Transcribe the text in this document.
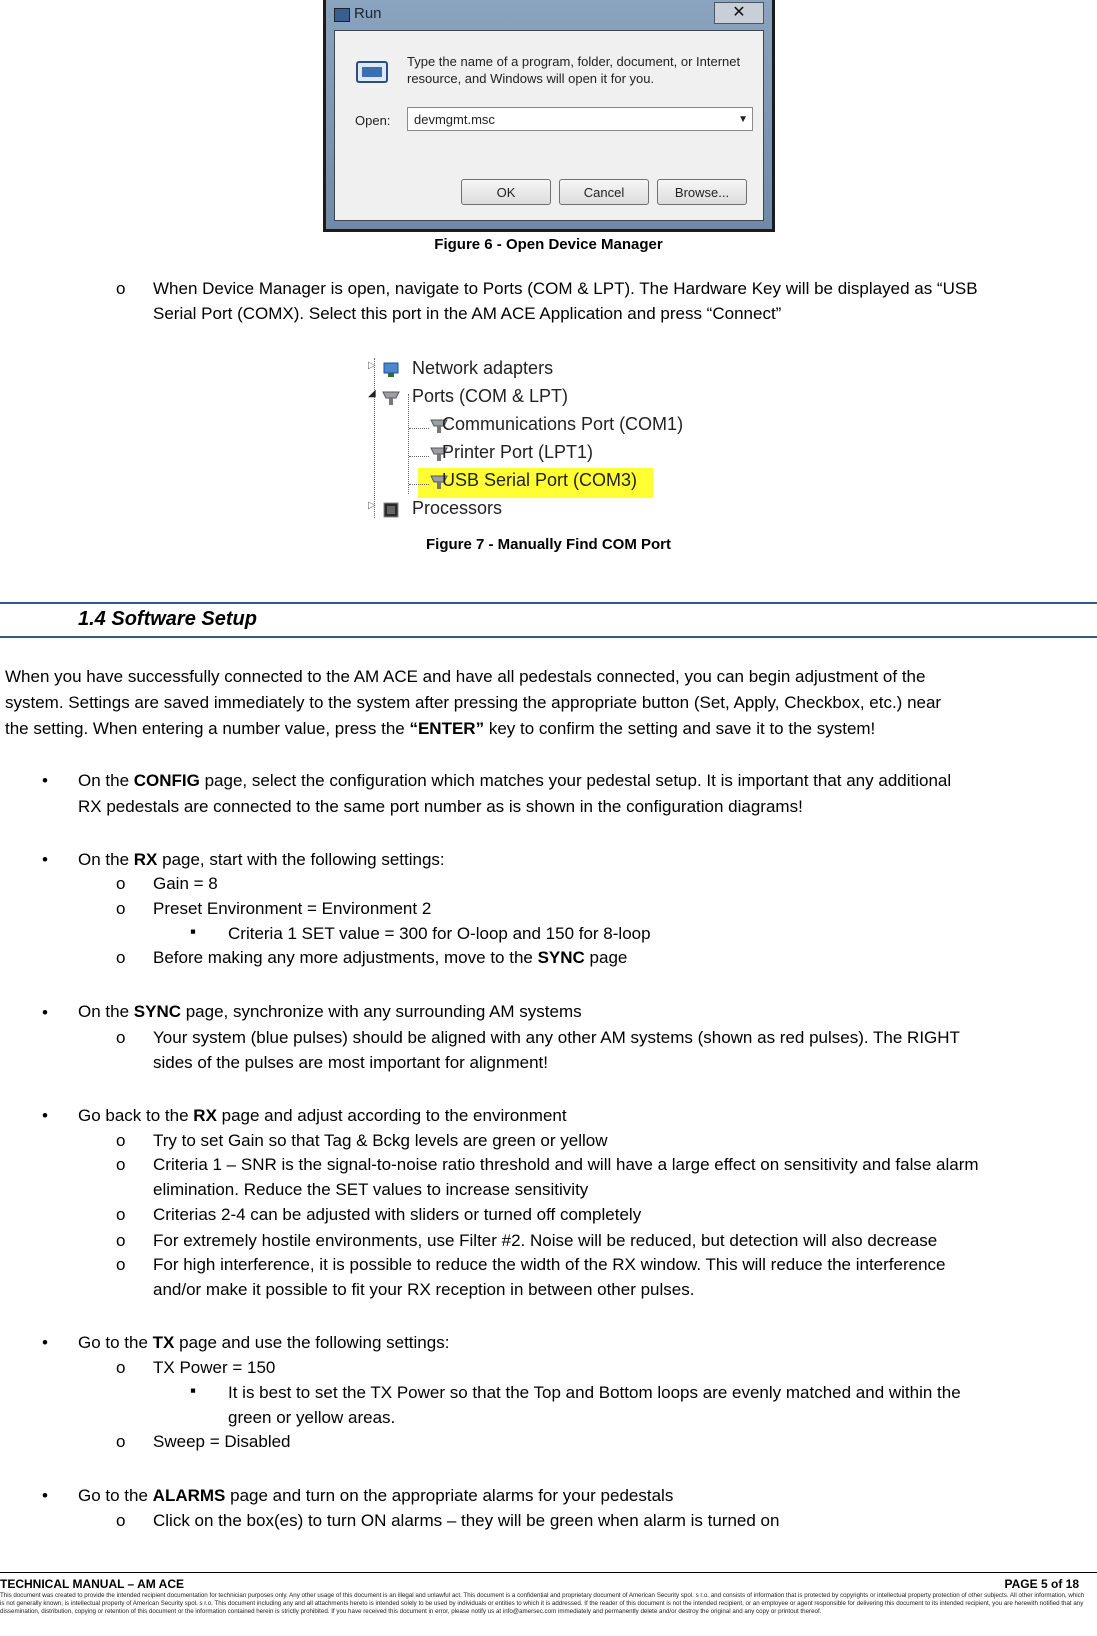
Run	✕
Type the name of a program, folder, document, or Internet resource, and Windows will open it for you.
Open:	devmgmt.msc	▼
OK	Cancel	Browse...
Figure 6 - Open Device Manager
o When Device Manager is open, navigate to Ports (COM & LPT). The Hardware Key will be displayed as “USB
Serial Port (COMX). Select this port in the AM ACE Application and press “Connect”
▷ Network adapters
◢ Ports (COM & LPT)
Communications Port (COM1)
Printer Port (LPT1)
USB Serial Port (COM3)
▷ Processors
Figure 7 - Manually Find COM Port
1.4 Software Setup
When you have successfully connected to the AM ACE and have all pedestals connected, you can begin adjustment of the
system. Settings are saved immediately to the system after pressing the appropriate button (Set, Apply, Checkbox, etc.) near
the setting. When entering a number value, press the “ENTER” key to confirm the setting and save it to the system!
• On the CONFIG page, select the configuration which matches your pedestal setup. It is important that any additional
RX pedestals are connected to the same port number as is shown in the configuration diagrams!
• On the RX page, start with the following settings:
o Gain = 8
o Preset Environment = Environment 2
▪ Criteria 1 SET value = 300 for O-loop and 150 for 8-loop
o Before making any more adjustments, move to the SYNC page
• On the SYNC page, synchronize with any surrounding AM systems
o Your system (blue pulses) should be aligned with any other AM systems (shown as red pulses). The RIGHT
sides of the pulses are most important for alignment!
• Go back to the RX page and adjust according to the environment
o Try to set Gain so that Tag & Bckg levels are green or yellow
o Criteria 1 – SNR is the signal-to-noise ratio threshold and will have a large effect on sensitivity and false alarm
elimination. Reduce the SET values to increase sensitivity
o Criterias 2-4 can be adjusted with sliders or turned off completely
o For extremely hostile environments, use Filter #2. Noise will be reduced, but detection will also decrease
o For high interference, it is possible to reduce the width of the RX window. This will reduce the interference
and/or make it possible to fit your RX reception in between other pulses.
• Go to the TX page and use the following settings:
o TX Power = 150
▪ It is best to set the TX Power so that the Top and Bottom loops are evenly matched and within the
green or yellow areas.
o Sweep = Disabled
• Go to the ALARMS page and turn on the appropriate alarms for your pedestals
o Click on the box(es) to turn ON alarms – they will be green when alarm is turned on
TECHNICAL MANUAL – AM ACE	PAGE 5 of 18
This document was created to provide the intended recipient documentation for technician purposes only. Any other usage of this document is an illegal and unlawful act. This document is a confidential and proprietary document of American Security spol. s r.o. and consists of information that is protected by copyrights or intellectual property protection of other subjects. All other information, which is not generally known, is intellectual property of American Security spol. s r.o. This document including any and all attachments hereto is intended solely to be used by individuals or entities to which it is addressed. If the reader of this document is not the intended recipient, or an employee or agent responsible for delivering this document to its intended recipient, you are herewith notified that any dissemination, distribution, copying or retention of this document or the information contained herein is strictly prohibited. If you have received this document in error, please notify us at info@amersec.com immediately and permanently delete and/or destroy the original and any copy or printout thereof.
